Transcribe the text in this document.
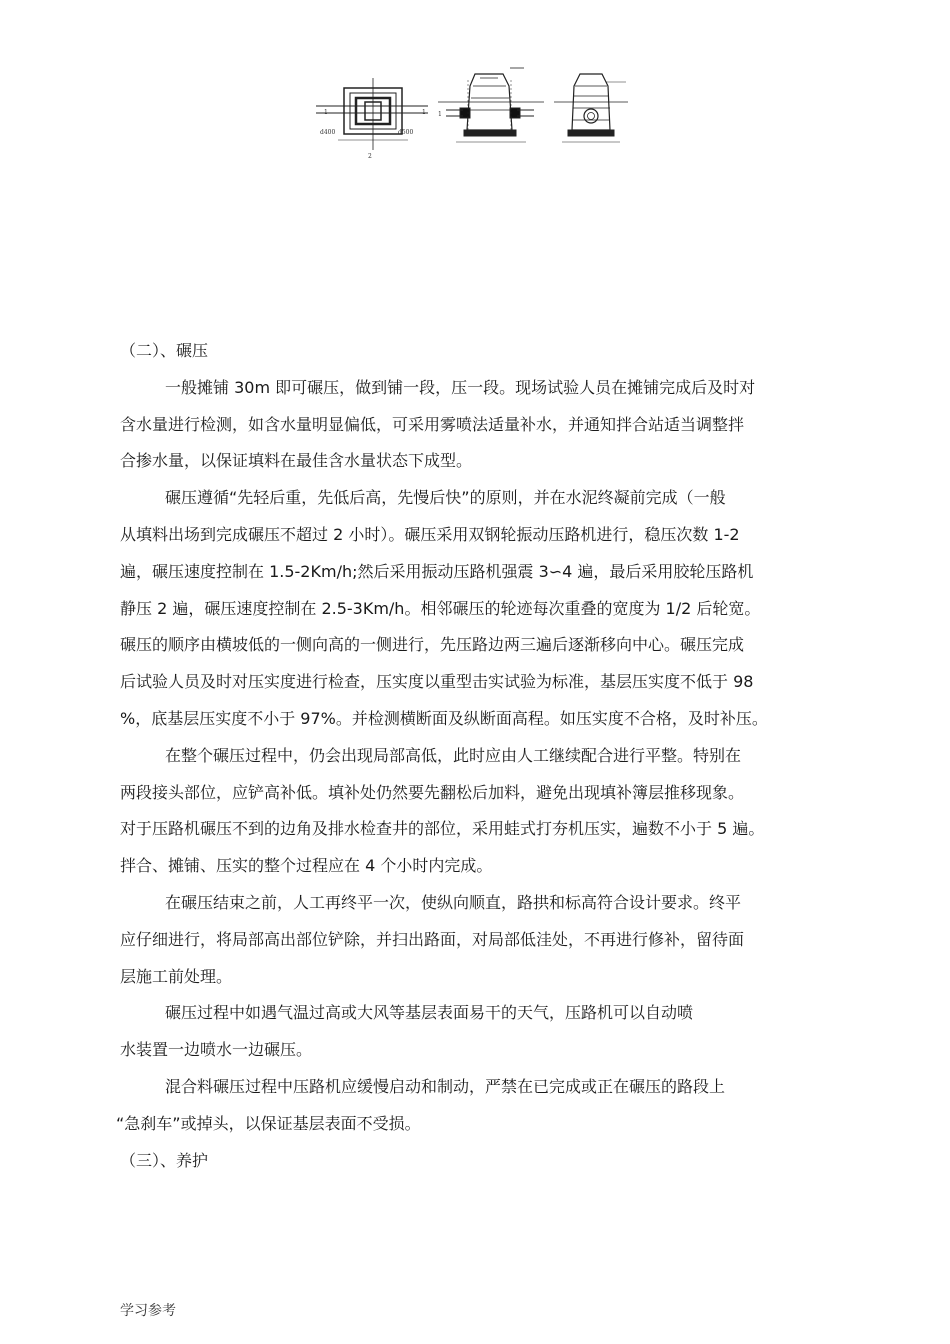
1	1
d400	d500
2
1
（二）、碾压
一般摊铺 30m 即可碾压，做到铺一段，压一段。现场试验人员在摊铺完成后及时对
含水量进行检测，如含水量明显偏低，可采用雾喷法适量补水，并通知拌合站适当调整拌
合掺水量，以保证填料在最佳含水量状态下成型。
碾压遵循“先轻后重，先低后高，先慢后快”的原则，并在水泥终凝前完成（一般
从填料出场到完成碾压不超过 2 小时）。碾压采用双钢轮振动压路机进行，稳压次数 1-2
遍，碾压速度控制在 1.5-2Km/h;然后采用振动压路机强震 3∽4 遍，最后采用胶轮压路机
静压 2 遍，碾压速度控制在 2.5-3Km/h。相邻碾压的轮迹每次重叠的宽度为 1/2 后轮宽。
碾压的顺序由横坡低的一侧向高的一侧进行，先压路边两三遍后逐渐移向中心。碾压完成
后试验人员及时对压实度进行检查，压实度以重型击实试验为标准，基层压实度不低于 98
%，底基层压实度不小于 97%。并检测横断面及纵断面高程。如压实度不合格，及时补压。
在整个碾压过程中，仍会出现局部高低，此时应由人工继续配合进行平整。特别在
两段接头部位，应铲高补低。填补处仍然要先翻松后加料，避免出现填补簿层推移现象。
对于压路机碾压不到的边角及排水检查井的部位，采用蛙式打夯机压实，遍数不小于 5 遍。
拌合、摊铺、压实的整个过程应在 4 个小时内完成。
在碾压结束之前，人工再终平一次，使纵向顺直，路拱和标高符合设计要求。终平
应仔细进行，将局部高出部位铲除，并扫出路面，对局部低洼处，不再进行修补，留待面
层施工前处理。
碾压过程中如遇气温过高或大风等基层表面易干的天气，压路机可以自动喷
水装置一边喷水一边碾压。
混合料碾压过程中压路机应缓慢启动和制动，严禁在已完成或正在碾压的路段上
“急刹车”或掉头，以保证基层表面不受损。
（三）、养护
学习参考
